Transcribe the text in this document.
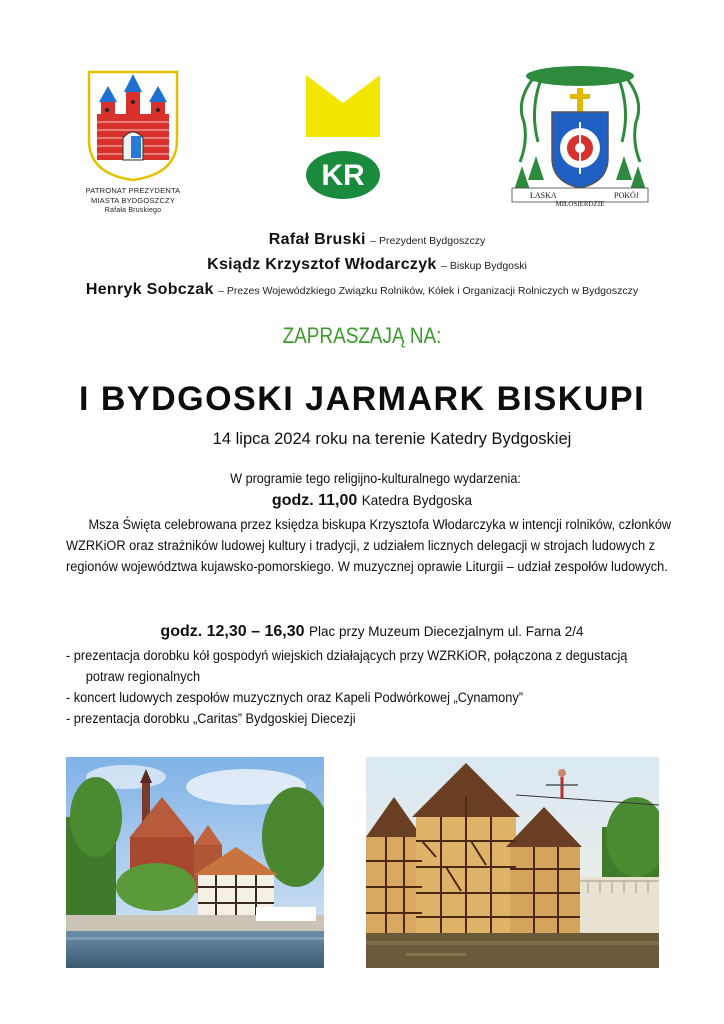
PATRONAT PREZYDENTA
MIASTA BYDGOSZCZY
Rafała Bruskiego
KR
ŁASKA
MIŁOSIERDZIE
POKÓJ
Rafał Bruski – Prezydent Bydgoszczy
Ksiądz Krzysztof Włodarczyk – Biskup Bydgoski
Henryk Sobczak – Prezes Wojewódzkiego Związku Rolników, Kółek i Organizacji Rolniczych w Bydgoszczy
ZAPRASZAJĄ NA:
I BYDGOSKI JARMARK BISKUPI
14 lipca 2024 roku na terenie Katedry Bydgoskiej
W programie tego religijno-kulturalnego wydarzenia:
godz. 11,00 Katedra Bydgoska
Msza Święta celebrowana przez księdza biskupa Krzysztofa Włodarczyka w intencji rolników, członków WZRKiOR oraz strażników ludowej kultury i tradycji, z udziałem licznych delegacji w strojach ludowych z regionów województwa kujawsko-pomorskiego. W muzycznej oprawie Liturgii – udział zespołów ludowych.
godz. 12,30 – 16,30 Plac przy Muzeum Diecezjalnym ul. Farna 2/4
- prezentacja dorobku kół gospodyń wiejskich działających przy WZRKiOR, połączona z degustacją
potraw regionalnych
- koncert ludowych zespołów muzycznych oraz Kapeli Podwórkowej „Cynamony”
- prezentacja dorobku „Caritas” Bydgoskiej Diecezji
